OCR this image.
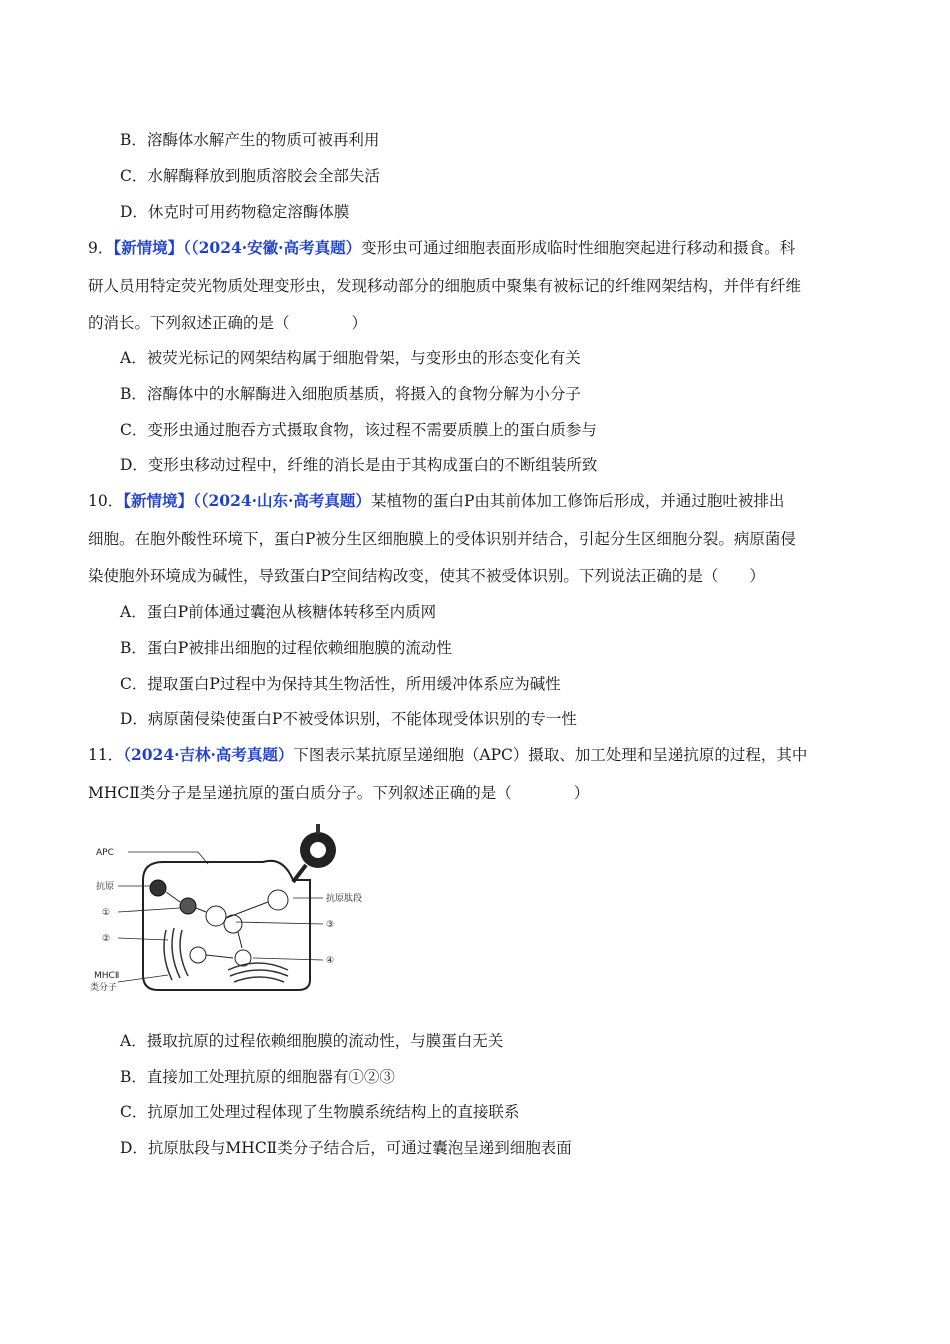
B．溶酶体水解产生的物质可被再利用
C．水解酶释放到胞质溶胶会全部失活
D．休克时可用药物稳定溶酶体膜
9．【新情境】（（2024·安徽·高考真题）变形虫可通过细胞表面形成临时性细胞突起进行移动和摄食。科
研人员用特定荧光物质处理变形虫，发现移动部分的细胞质中聚集有被标记的纤维网架结构，并伴有纤维
的消长。下列叙述正确的是（　　　　）
A．被荧光标记的网架结构属于细胞骨架，与变形虫的形态变化有关
B．溶酶体中的水解酶进入细胞质基质，将摄入的食物分解为小分子
C．变形虫通过胞吞方式摄取食物，该过程不需要质膜上的蛋白质参与
D．变形虫移动过程中，纤维的消长是由于其构成蛋白的不断组装所致
10．【新情境】（（2024·山东·高考真题）某植物的蛋白P由其前体加工修饰后形成，并通过胞吐被排出
细胞。在胞外酸性环境下，蛋白P被分生区细胞膜上的受体识别并结合，引起分生区细胞分裂。病原菌侵
染使胞外环境成为碱性，导致蛋白P空间结构改变，使其不被受体识别。下列说法正确的是（　　）
A．蛋白P前体通过囊泡从核糖体转移至内质网
B．蛋白P被排出细胞的过程依赖细胞膜的流动性
C．提取蛋白P过程中为保持其生物活性，所用缓冲体系应为碱性
D．病原菌侵染使蛋白P不被受体识别，不能体现受体识别的专一性
11．（2024·吉林·高考真题）下图表示某抗原呈递细胞（APC）摄取、加工处理和呈递抗原的过程，其中
MHCⅡ类分子是呈递抗原的蛋白质分子。下列叙述正确的是（　　　　）
APC
抗原
①
②
MHCⅡ
类分子
抗原肽段
③
④
A．摄取抗原的过程依赖细胞膜的流动性，与膜蛋白无关
B．直接加工处理抗原的细胞器有①②③
C．抗原加工处理过程体现了生物膜系统结构上的直接联系
D．抗原肽段与MHCⅡ类分子结合后，可通过囊泡呈递到细胞表面
